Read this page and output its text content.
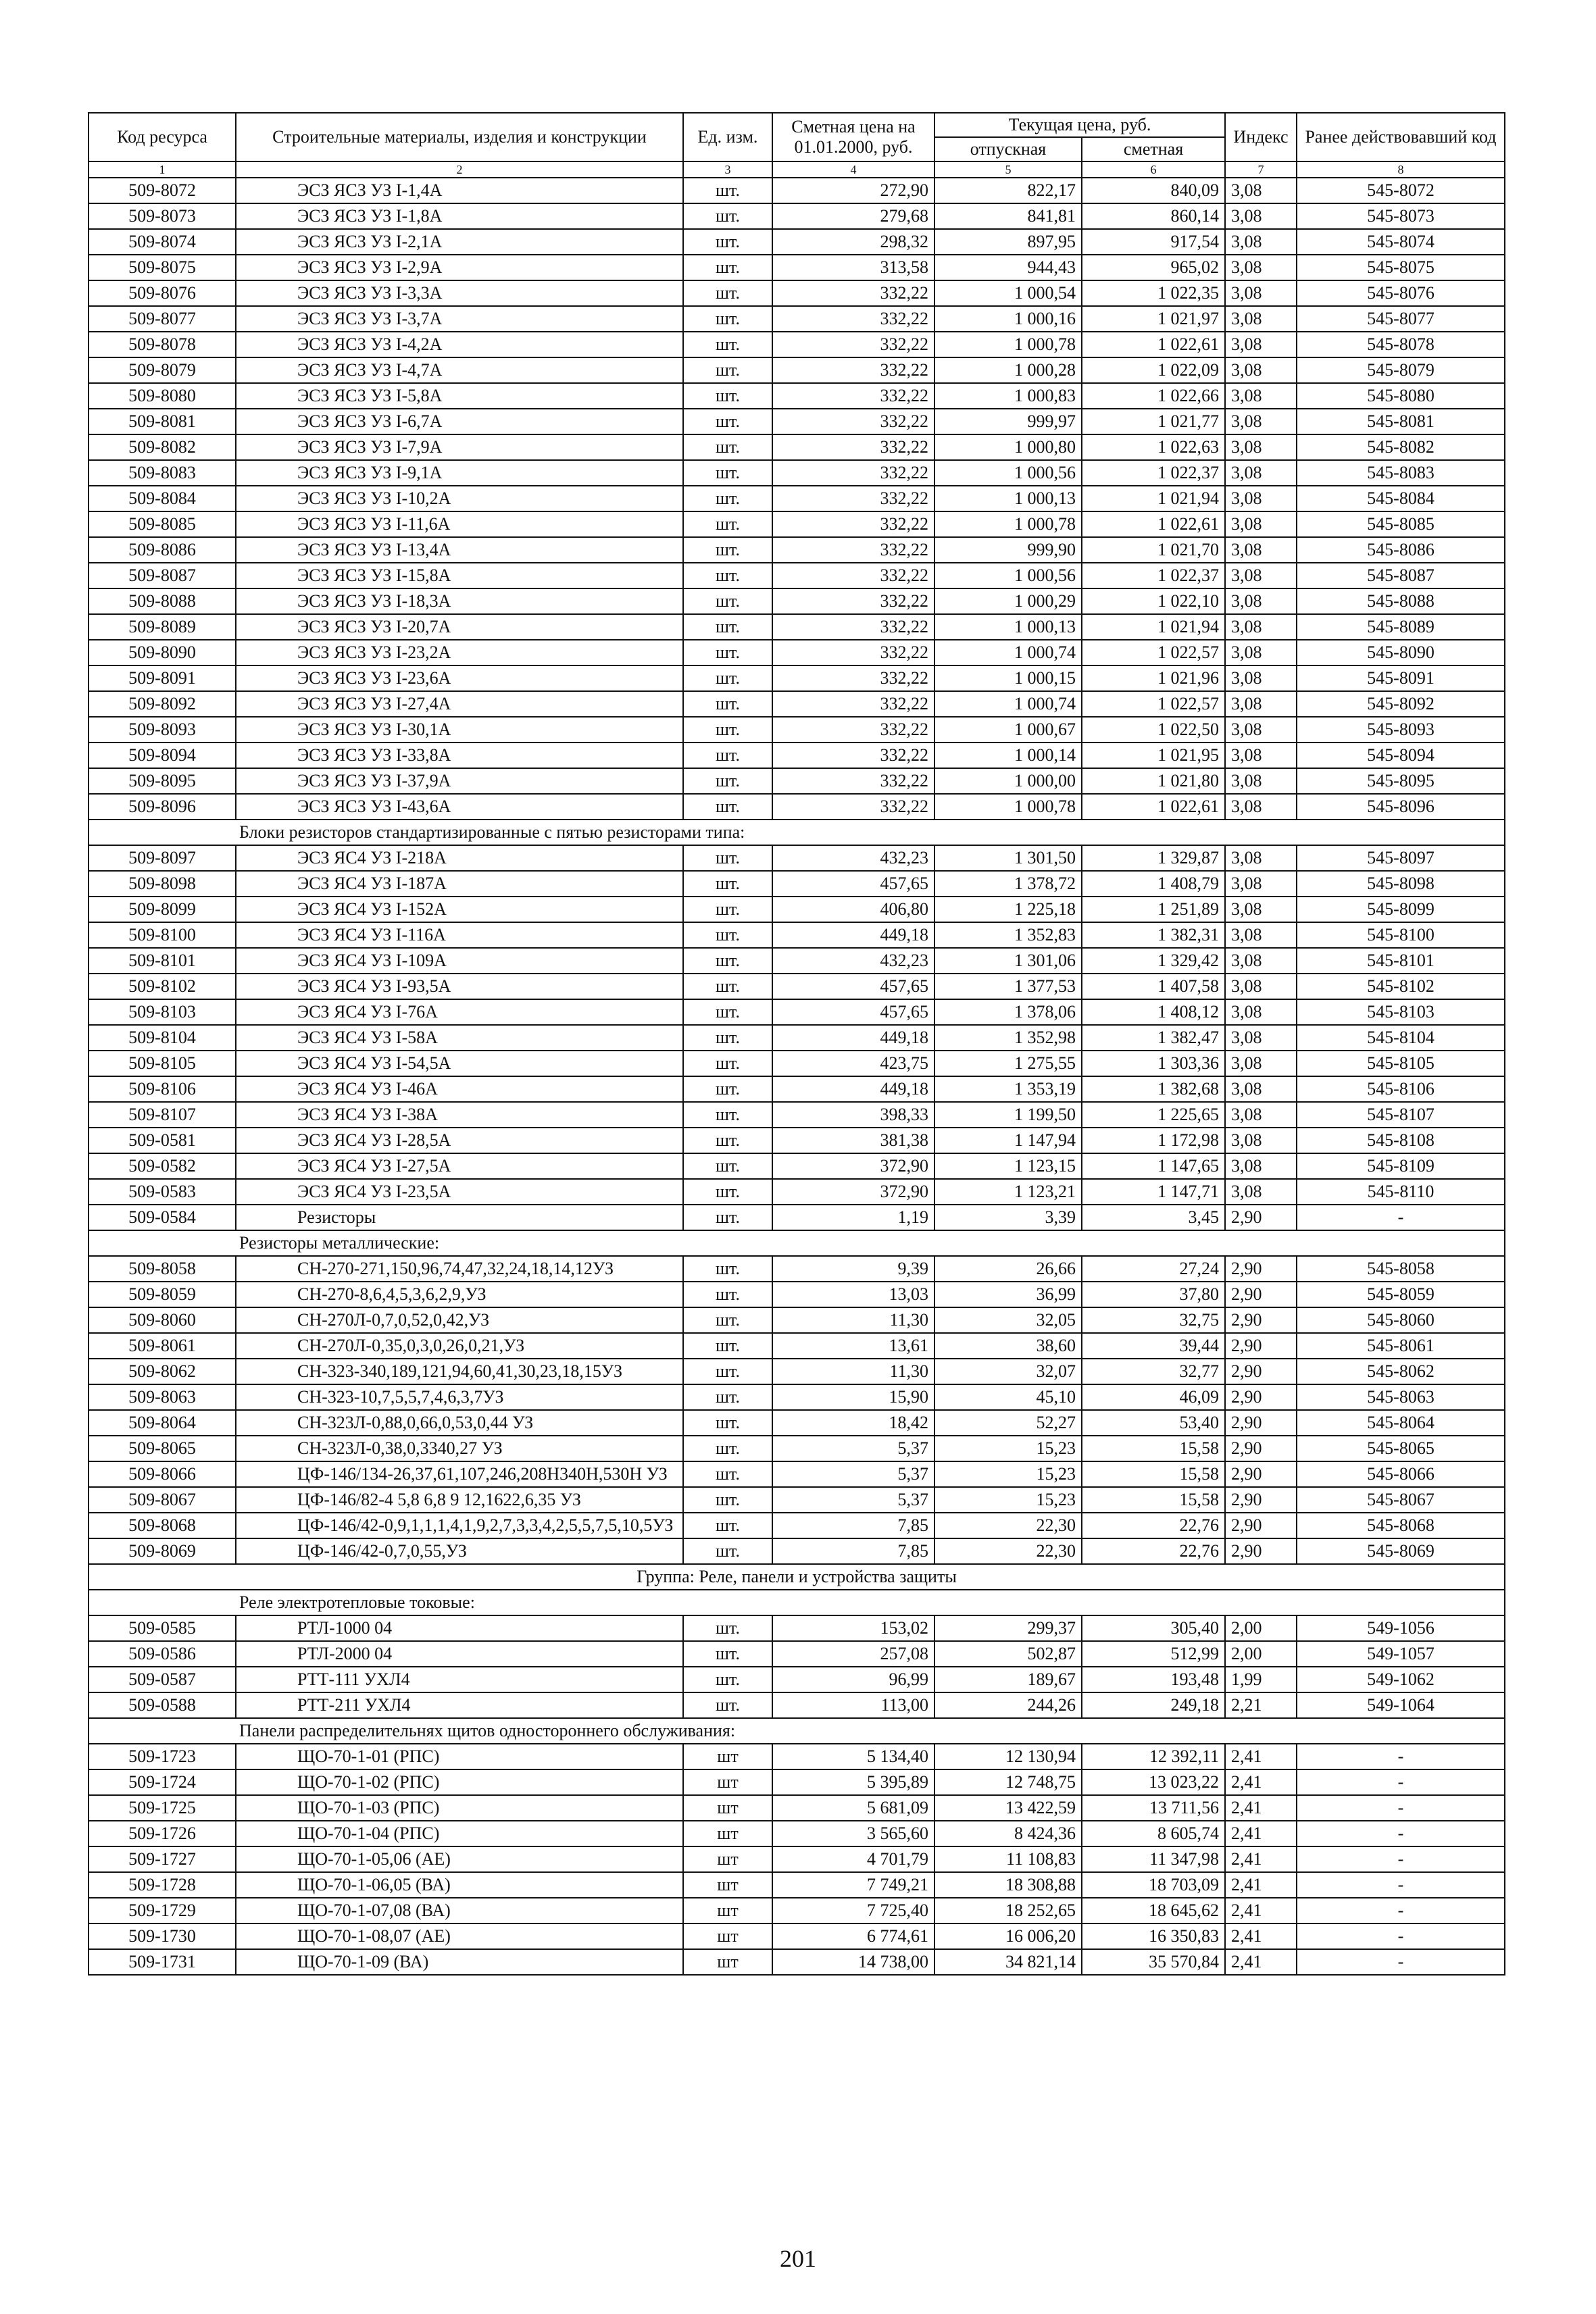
Код ресурса	Строительные материалы, изделия и конструкции	Ед. изм.	Сметная цена на 01.01.2000, руб.	Текущая цена, руб.		Индекс	Ранее действовавший код
				отпускная	сметная		
1	2	3	4	5	6	7	8
509-8072	ЭСЗ ЯСЗ УЗ I-1,4А	шт.	272,90	822,17	840,09	3,08	545-8072
509-8073	ЭСЗ ЯСЗ УЗ I-1,8А	шт.	279,68	841,81	860,14	3,08	545-8073
509-8074	ЭСЗ ЯСЗ УЗ I-2,1А	шт.	298,32	897,95	917,54	3,08	545-8074
509-8075	ЭСЗ ЯСЗ УЗ I-2,9А	шт.	313,58	944,43	965,02	3,08	545-8075
509-8076	ЭСЗ ЯСЗ УЗ I-3,3А	шт.	332,22	1 000,54	1 022,35	3,08	545-8076
509-8077	ЭСЗ ЯСЗ УЗ I-3,7А	шт.	332,22	1 000,16	1 021,97	3,08	545-8077
509-8078	ЭСЗ ЯСЗ УЗ I-4,2А	шт.	332,22	1 000,78	1 022,61	3,08	545-8078
509-8079	ЭСЗ ЯСЗ УЗ I-4,7А	шт.	332,22	1 000,28	1 022,09	3,08	545-8079
509-8080	ЭСЗ ЯСЗ УЗ I-5,8А	шт.	332,22	1 000,83	1 022,66	3,08	545-8080
509-8081	ЭСЗ ЯСЗ УЗ I-6,7А	шт.	332,22	999,97	1 021,77	3,08	545-8081
509-8082	ЭСЗ ЯСЗ УЗ I-7,9А	шт.	332,22	1 000,80	1 022,63	3,08	545-8082
509-8083	ЭСЗ ЯСЗ УЗ I-9,1А	шт.	332,22	1 000,56	1 022,37	3,08	545-8083
509-8084	ЭСЗ ЯСЗ УЗ I-10,2А	шт.	332,22	1 000,13	1 021,94	3,08	545-8084
509-8085	ЭСЗ ЯСЗ УЗ I-11,6А	шт.	332,22	1 000,78	1 022,61	3,08	545-8085
509-8086	ЭСЗ ЯСЗ УЗ I-13,4А	шт.	332,22	999,90	1 021,70	3,08	545-8086
509-8087	ЭСЗ ЯСЗ УЗ I-15,8А	шт.	332,22	1 000,56	1 022,37	3,08	545-8087
509-8088	ЭСЗ ЯСЗ УЗ I-18,3А	шт.	332,22	1 000,29	1 022,10	3,08	545-8088
509-8089	ЭСЗ ЯСЗ УЗ I-20,7А	шт.	332,22	1 000,13	1 021,94	3,08	545-8089
509-8090	ЭСЗ ЯСЗ УЗ I-23,2А	шт.	332,22	1 000,74	1 022,57	3,08	545-8090
509-8091	ЭСЗ ЯСЗ УЗ I-23,6А	шт.	332,22	1 000,15	1 021,96	3,08	545-8091
509-8092	ЭСЗ ЯСЗ УЗ I-27,4А	шт.	332,22	1 000,74	1 022,57	3,08	545-8092
509-8093	ЭСЗ ЯСЗ УЗ I-30,1А	шт.	332,22	1 000,67	1 022,50	3,08	545-8093
509-8094	ЭСЗ ЯСЗ УЗ I-33,8А	шт.	332,22	1 000,14	1 021,95	3,08	545-8094
509-8095	ЭСЗ ЯСЗ УЗ I-37,9А	шт.	332,22	1 000,00	1 021,80	3,08	545-8095
509-8096	ЭСЗ ЯСЗ УЗ I-43,6А	шт.	332,22	1 000,78	1 022,61	3,08	545-8096
Блоки резисторов стандартизированные с пятью резисторами типа:							
509-8097	ЭСЗ ЯС4 УЗ I-218А	шт.	432,23	1 301,50	1 329,87	3,08	545-8097
509-8098	ЭСЗ ЯС4 УЗ I-187А	шт.	457,65	1 378,72	1 408,79	3,08	545-8098
509-8099	ЭСЗ ЯС4 УЗ I-152А	шт.	406,80	1 225,18	1 251,89	3,08	545-8099
509-8100	ЭСЗ ЯС4 УЗ I-116А	шт.	449,18	1 352,83	1 382,31	3,08	545-8100
509-8101	ЭСЗ ЯС4 УЗ I-109А	шт.	432,23	1 301,06	1 329,42	3,08	545-8101
509-8102	ЭСЗ ЯС4 УЗ I-93,5А	шт.	457,65	1 377,53	1 407,58	3,08	545-8102
509-8103	ЭСЗ ЯС4 УЗ I-76А	шт.	457,65	1 378,06	1 408,12	3,08	545-8103
509-8104	ЭСЗ ЯС4 УЗ I-58А	шт.	449,18	1 352,98	1 382,47	3,08	545-8104
509-8105	ЭСЗ ЯС4 УЗ I-54,5А	шт.	423,75	1 275,55	1 303,36	3,08	545-8105
509-8106	ЭСЗ ЯС4 УЗ I-46А	шт.	449,18	1 353,19	1 382,68	3,08	545-8106
509-8107	ЭСЗ ЯС4 УЗ I-38А	шт.	398,33	1 199,50	1 225,65	3,08	545-8107
509-0581	ЭСЗ ЯС4 УЗ I-28,5А	шт.	381,38	1 147,94	1 172,98	3,08	545-8108
509-0582	ЭСЗ ЯС4 УЗ I-27,5А	шт.	372,90	1 123,15	1 147,65	3,08	545-8109
509-0583	ЭСЗ ЯС4 УЗ I-23,5А	шт.	372,90	1 123,21	1 147,71	3,08	545-8110
509-0584	Резисторы	шт.	1,19	3,39	3,45	2,90	-
Резисторы металлические:							
509-8058	СН-270-271,150,96,74,47,32,24,18,14,12УЗ	шт.	9,39	26,66	27,24	2,90	545-8058
509-8059	СН-270-8,6,4,5,3,6,2,9,УЗ	шт.	13,03	36,99	37,80	2,90	545-8059
509-8060	СН-270Л-0,7,0,52,0,42,УЗ	шт.	11,30	32,05	32,75	2,90	545-8060
509-8061	СН-270Л-0,35,0,3,0,26,0,21,УЗ	шт.	13,61	38,60	39,44	2,90	545-8061
509-8062	СН-323-340,189,121,94,60,41,30,23,18,15УЗ	шт.	11,30	32,07	32,77	2,90	545-8062
509-8063	СН-323-10,7,5,5,7,4,6,3,7УЗ	шт.	15,90	45,10	46,09	2,90	545-8063
509-8064	СН-323Л-0,88,0,66,0,53,0,44 УЗ	шт.	18,42	52,27	53,40	2,90	545-8064
509-8065	СН-323Л-0,38,0,3340,27 УЗ	шт.	5,37	15,23	15,58	2,90	545-8065
509-8066	ЦФ-146/134-26,37,61,107,246,208Н340Н,530Н УЗ	шт.	5,37	15,23	15,58	2,90	545-8066
509-8067	ЦФ-146/82-4 5,8 6,8 9 12,1622,6,35 УЗ	шт.	5,37	15,23	15,58	2,90	545-8067
509-8068	ЦФ-146/42-0,9,1,1,1,4,1,9,2,7,3,3,4,2,5,5,7,5,10,5УЗ	шт.	7,85	22,30	22,76	2,90	545-8068
509-8069	ЦФ-146/42-0,7,0,55,УЗ	шт.	7,85	22,30	22,76	2,90	545-8069
Группа: Реле, панели и устройства защиты							
Реле электротепловые токовые:							
509-0585	РТЛ-1000 04	шт.	153,02	299,37	305,40	2,00	549-1056
509-0586	РТЛ-2000 04	шт.	257,08	502,87	512,99	2,00	549-1057
509-0587	РТТ-111 УХЛ4	шт.	96,99	189,67	193,48	1,99	549-1062
509-0588	РТТ-211 УХЛ4	шт.	113,00	244,26	249,18	2,21	549-1064
Панели распределительнях щитов одностороннего обслуживания:							
509-1723	ЩО-70-1-01 (РПС)	шт	5 134,40	12 130,94	12 392,11	2,41	-
509-1724	ЩО-70-1-02 (РПС)	шт	5 395,89	12 748,75	13 023,22	2,41	-
509-1725	ЩО-70-1-03 (РПС)	шт	5 681,09	13 422,59	13 711,56	2,41	-
509-1726	ЩО-70-1-04 (РПС)	шт	3 565,60	8 424,36	8 605,74	2,41	-
509-1727	ЩО-70-1-05,06 (АЕ)	шт	4 701,79	11 108,83	11 347,98	2,41	-
509-1728	ЩО-70-1-06,05 (ВА)	шт	7 749,21	18 308,88	18 703,09	2,41	-
509-1729	ЩО-70-1-07,08 (ВА)	шт	7 725,40	18 252,65	18 645,62	2,41	-
509-1730	ЩО-70-1-08,07 (АЕ)	шт	6 774,61	16 006,20	16 350,83	2,41	-
509-1731	ЩО-70-1-09 (ВА)	шт	14 738,00	34 821,14	35 570,84	2,41	-
201
